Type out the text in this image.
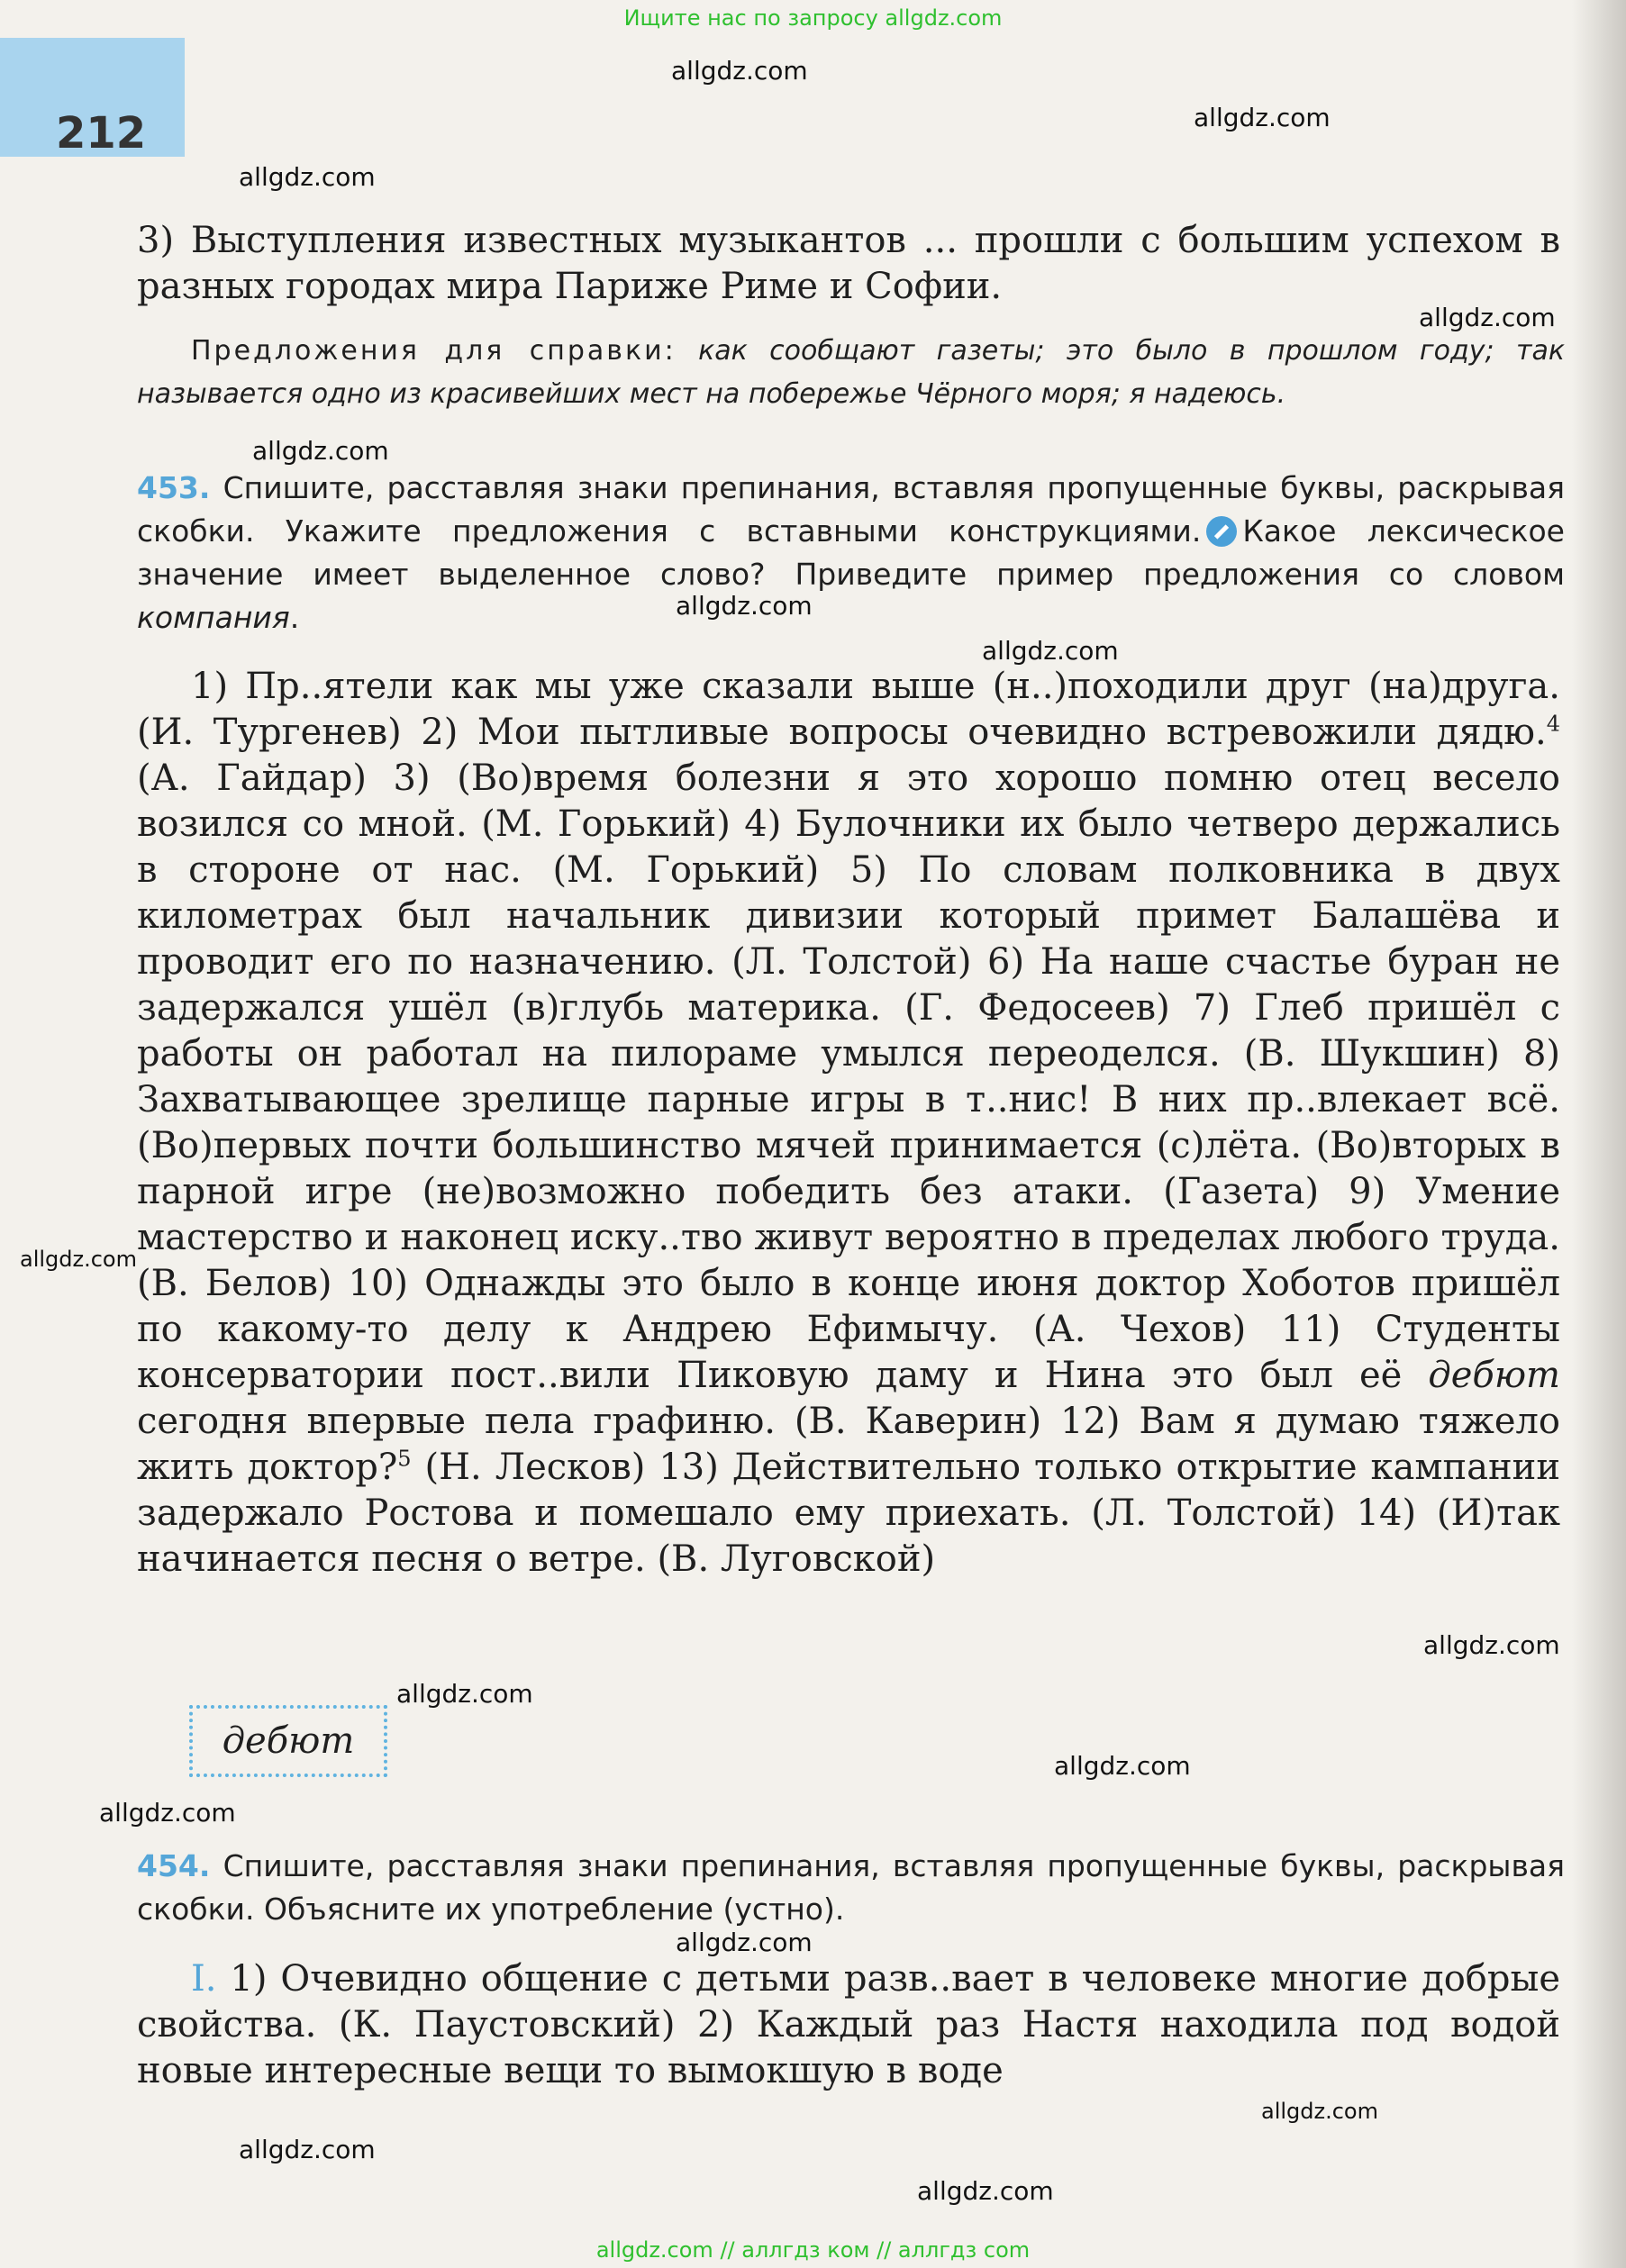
Ищите нас по запросу allgdz.com
212
allgdz.com
allgdz.com
allgdz.com
allgdz.com
allgdz.com
allgdz.com
allgdz.com
allgdz.com
allgdz.com
allgdz.com
allgdz.com
allgdz.com
allgdz.com
allgdz.com
allgdz.com
allgdz.com
3) Выступления известных музыкантов ... прошли с большим успехом в разных городах мира Париже Риме и Софии.
Предложения для справки: как сообщают газеты; это было в прошлом году; так называется одно из красивейших мест на побережье Чёрного моря; я надеюсь.
453. Спишите, расставляя знаки препинания, вставляя пропущенные буквы, раскрывая скобки. Укажите предложения с вставными конструкциями. Какое лексическое значение имеет выделенное слово? Приведите пример предложения со словом компания.
1) Пр..ятели как мы уже сказали выше (н..)походили друг (на)друга. (И. Тургенев) 2) Мои пытливые вопросы очевидно встревожили дядю.$^4$ (А. Гайдар) 3) (Во)время болезни я это хорошо помню отец весело возился со мной. (М. Горький) 4) Булочники их было четверо держались в стороне от нас. (М. Горький) 5) По словам полковника в двух километрах был начальник дивизии который примет Балашёва и проводит его по назначению. (Л. Толстой) 6) На наше счастье буран не задержался ушёл (в)глубь материка. (Г. Федосеев) 7) Глеб пришёл с работы он работал на пилораме умылся переоделся. (В. Шукшин) 8) Захватывающее зрелище парные игры в т..нис! В них пр..влекает всё. (Во)первых почти большинство мячей принимается (с)лёта. (Во)вторых в парной игре (не)возможно победить без атаки. (Газета) 9) Умение мастерство и наконец иску..тво живут вероятно в пределах любого труда. (В. Белов) 10) Однажды это было в конце июня доктор Хоботов пришёл по какому-то делу к Андрею Ефимычу. (А. Чехов) 11) Студенты консерватории пост..вили Пиковую даму и Нина это был её дебют сегодня впервые пела графиню. (В. Каверин) 12) Вам я думаю тяжело жить доктор?$^5$ (Н. Лесков) 13) Действительно только открытие кампании задержало Ростова и помешало ему приехать. (Л. Толстой) 14) (И)так начинается песня о ветре. (В. Луговской)
дебют
454. Спишите, расставляя знаки препинания, вставляя пропущенные буквы, раскрывая скобки. Объясните их употребление (устно).
I. 1) Очевидно общение с детьми разв..вает в человеке многие добрые свойства. (К. Паустовский) 2) Каждый раз Настя находила под водой новые интересные вещи то вымокшую в воде
allgdz.com // аллгдз ком // аллгдз com
